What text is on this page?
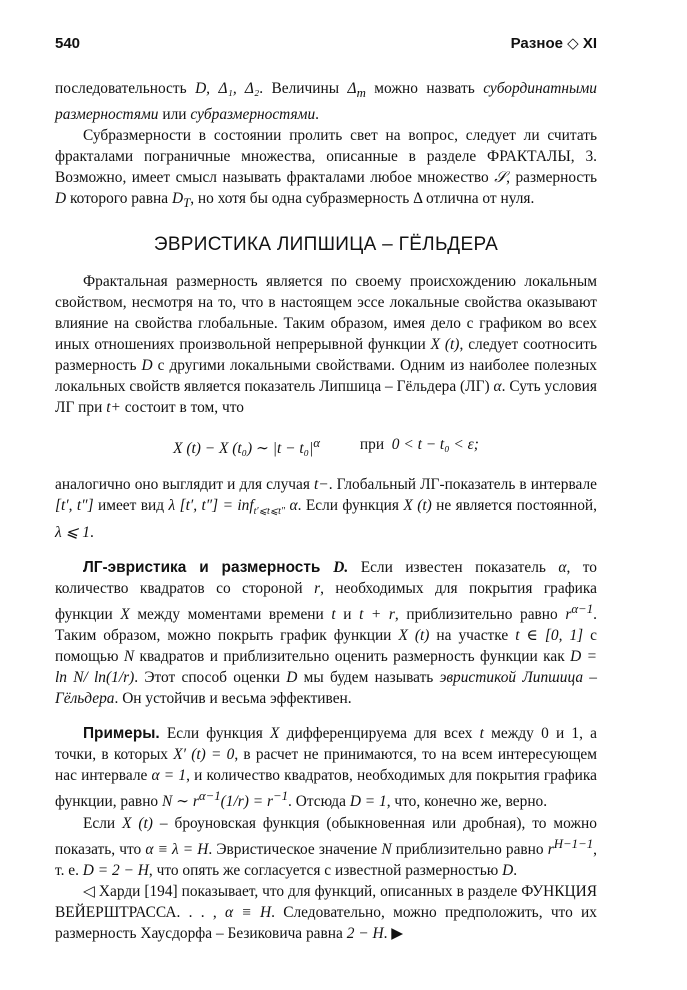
540	Разное ◇ XI

последовательность D, Δ₁, Δ₂. Величины $\Delta_m$ можно назвать субординатными размерностями или субразмерностями.

Субразмерности в состоянии пролить свет на вопрос, следует ли считать фракталами пограничные множества, описанные в разделе ФРАКТАЛЫ, 3. Возможно, имеет смысл называть фракталами любое множество 𝒮, размерность D которого равна $D_T$, но хотя бы одна субразмерность Δ отлична от нуля.

ЭВРИСТИКА ЛИПШИЦА – ГЁЛЬДЕРА

Фрактальная размерность является по своему происхождению локальным свойством, несмотря на то, что в настоящем эссе локальные свойства оказывают влияние на свойства глобальные. Таким образом, имея дело с графиком во всех иных отношениях произвольной непрерывной функции X (t), следует соотносить размерность D с другими локальными свойствами. Одним из наиболее полезных локальных свойств является показатель Липшица – Гёльдера (ЛГ) α. Суть условия ЛГ при t+ состоит в том, что

X (t) − X (t₀) ∼ $|t - t_0|^\alpha$	при 0 < t − t₀ < ε;

аналогично оно выглядит и для случая t−. Глобальный ЛГ-показатель в интервале [t′, t″] имеет вид λ [t′, t″] = inf$_{t'⩽t⩽t''}$ α. Если функция X (t) не является постоянной, λ ⩽ 1.

ЛГ-эвристика и размерность D. Если известен показатель α, то количество квадратов со стороной r, необходимых для покрытия графика функции X между моментами времени t и t + r, приблизительно равно $r^{\alpha-1}$. Таким образом, можно покрыть график функции X (t) на участке t ∈ [0, 1] с помощью N квадратов и приблизительно оценить размерность функции как D = ln N/ ln(1/r). Этот способ оценки D мы будем называть эвристикой Липшица – Гёльдера. Он устойчив и весьма эффективен.

Примеры. Если функция X дифференцируема для всех t между 0 и 1, а точки, в которых X′ (t) = 0, в расчет не принимаются, то на всем интересующем нас интервале α = 1, и количество квадратов, необходимых для покрытия графика функции, равно N ∼ $r^{\alpha-1}(1/r) = r^{-1}$. Отсюда D = 1, что, конечно же, верно.

Если X (t) – броуновская функция (обыкновенная или дробная), то можно показать, что α ≡ λ = H. Эвристическое значение N приблизительно равно $r^{H-1-1}$, т. е. D = 2 − H, что опять же согласуется с известной размерностью D.

◁ Харди [194] показывает, что для функций, описанных в разделе ФУНКЦИЯ ВЕЙЕРШТРАССА. . . , α ≡ H. Следовательно, можно предположить, что их размерность Хаусдорфа – Безиковича равна 2 − H. ▶
